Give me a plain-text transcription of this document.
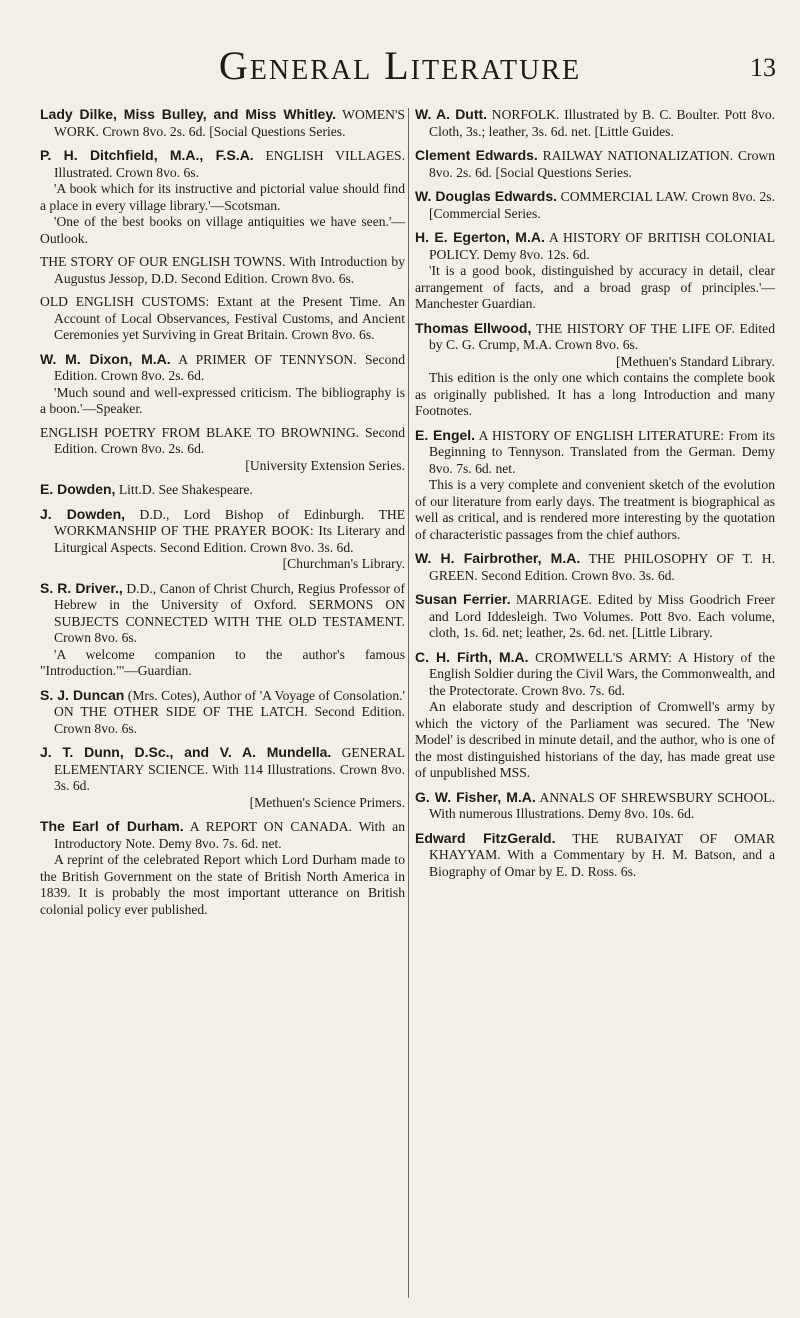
General Literature	13

Lady Dilke, Miss Bulley, and Miss Whitley. WOMEN'S WORK. Crown 8vo. 2s. 6d. [Social Questions Series.

P. H. Ditchfield, M.A., F.S.A. ENGLISH VILLAGES. Illustrated. Crown 8vo. 6s.

'A book which for its instructive and pictorial value should find a place in every village library.'—Scotsman.

'One of the best books on village antiquities we have seen.'—Outlook.

THE STORY OF OUR ENGLISH TOWNS. With Introduction by Augustus Jessop, D.D. Second Edition. Crown 8vo. 6s.

OLD ENGLISH CUSTOMS: Extant at the Present Time. An Account of Local Observances, Festival Customs, and Ancient Ceremonies yet Surviving in Great Britain. Crown 8vo. 6s.

W. M. Dixon, M.A. A PRIMER OF TENNYSON. Second Edition. Crown 8vo. 2s. 6d.

'Much sound and well-expressed criticism. The bibliography is a boon.'—Speaker.

ENGLISH POETRY FROM BLAKE TO BROWNING. Second Edition. Crown 8vo. 2s. 6d.

[University Extension Series.

E. Dowden, Litt.D. See Shakespeare.

J. Dowden, D.D., Lord Bishop of Edinburgh. THE WORKMANSHIP OF THE PRAYER BOOK: Its Literary and Liturgical Aspects. Second Edition. Crown 8vo. 3s. 6d.

[Churchman's Library.

S. R. Driver., D.D., Canon of Christ Church, Regius Professor of Hebrew in the University of Oxford. SERMONS ON SUBJECTS CONNECTED WITH THE OLD TESTAMENT. Crown 8vo. 6s.

'A welcome companion to the author's famous "Introduction."'—Guardian.

S. J. Duncan (Mrs. Cotes), Author of 'A Voyage of Consolation.' ON THE OTHER SIDE OF THE LATCH. Second Edition. Crown 8vo. 6s.

J. T. Dunn, D.Sc., and V. A. Mundella. GENERAL ELEMENTARY SCIENCE. With 114 Illustrations. Crown 8vo. 3s. 6d.

[Methuen's Science Primers.

The Earl of Durham. A REPORT ON CANADA. With an Introductory Note. Demy 8vo. 7s. 6d. net.

A reprint of the celebrated Report which Lord Durham made to the British Government on the state of British North America in 1839. It is probably the most important utterance on British colonial policy ever published.

W. A. Dutt. NORFOLK. Illustrated by B. C. Boulter. Pott 8vo. Cloth, 3s.; leather, 3s. 6d. net. [Little Guides.

Clement Edwards. RAILWAY NATIONALIZATION. Crown 8vo. 2s. 6d. [Social Questions Series.

W. Douglas Edwards. COMMERCIAL LAW. Crown 8vo. 2s. [Commercial Series.

H. E. Egerton, M.A. A HISTORY OF BRITISH COLONIAL POLICY. Demy 8vo. 12s. 6d.

'It is a good book, distinguished by accuracy in detail, clear arrangement of facts, and a broad grasp of principles.'—Manchester Guardian.

Thomas Ellwood, THE HISTORY OF THE LIFE OF. Edited by C. G. Crump, M.A. Crown 8vo. 6s.

[Methuen's Standard Library.

This edition is the only one which contains the complete book as originally published. It has a long Introduction and many Footnotes.

E. Engel. A HISTORY OF ENGLISH LITERATURE: From its Beginning to Tennyson. Translated from the German. Demy 8vo. 7s. 6d. net.

This is a very complete and convenient sketch of the evolution of our literature from early days. The treatment is biographical as well as critical, and is rendered more interesting by the quotation of characteristic passages from the chief authors.

W. H. Fairbrother, M.A. THE PHILOSOPHY OF T. H. GREEN. Second Edition. Crown 8vo. 3s. 6d.

Susan Ferrier. MARRIAGE. Edited by Miss Goodrich Freer and Lord Iddesleigh. Two Volumes. Pott 8vo. Each volume, cloth, 1s. 6d. net; leather, 2s. 6d. net. [Little Library.

C. H. Firth, M.A. CROMWELL'S ARMY: A History of the English Soldier during the Civil Wars, the Commonwealth, and the Protectorate. Crown 8vo. 7s. 6d.

An elaborate study and description of Cromwell's army by which the victory of the Parliament was secured. The 'New Model' is described in minute detail, and the author, who is one of the most distinguished historians of the day, has made great use of unpublished MSS.

G. W. Fisher, M.A. ANNALS OF SHREWSBURY SCHOOL. With numerous Illustrations. Demy 8vo. 10s. 6d.

Edward FitzGerald. THE RUBAIYAT OF OMAR KHAYYAM. With a Commentary by H. M. Batson, and a Biography of Omar by E. D. Ross. 6s.
